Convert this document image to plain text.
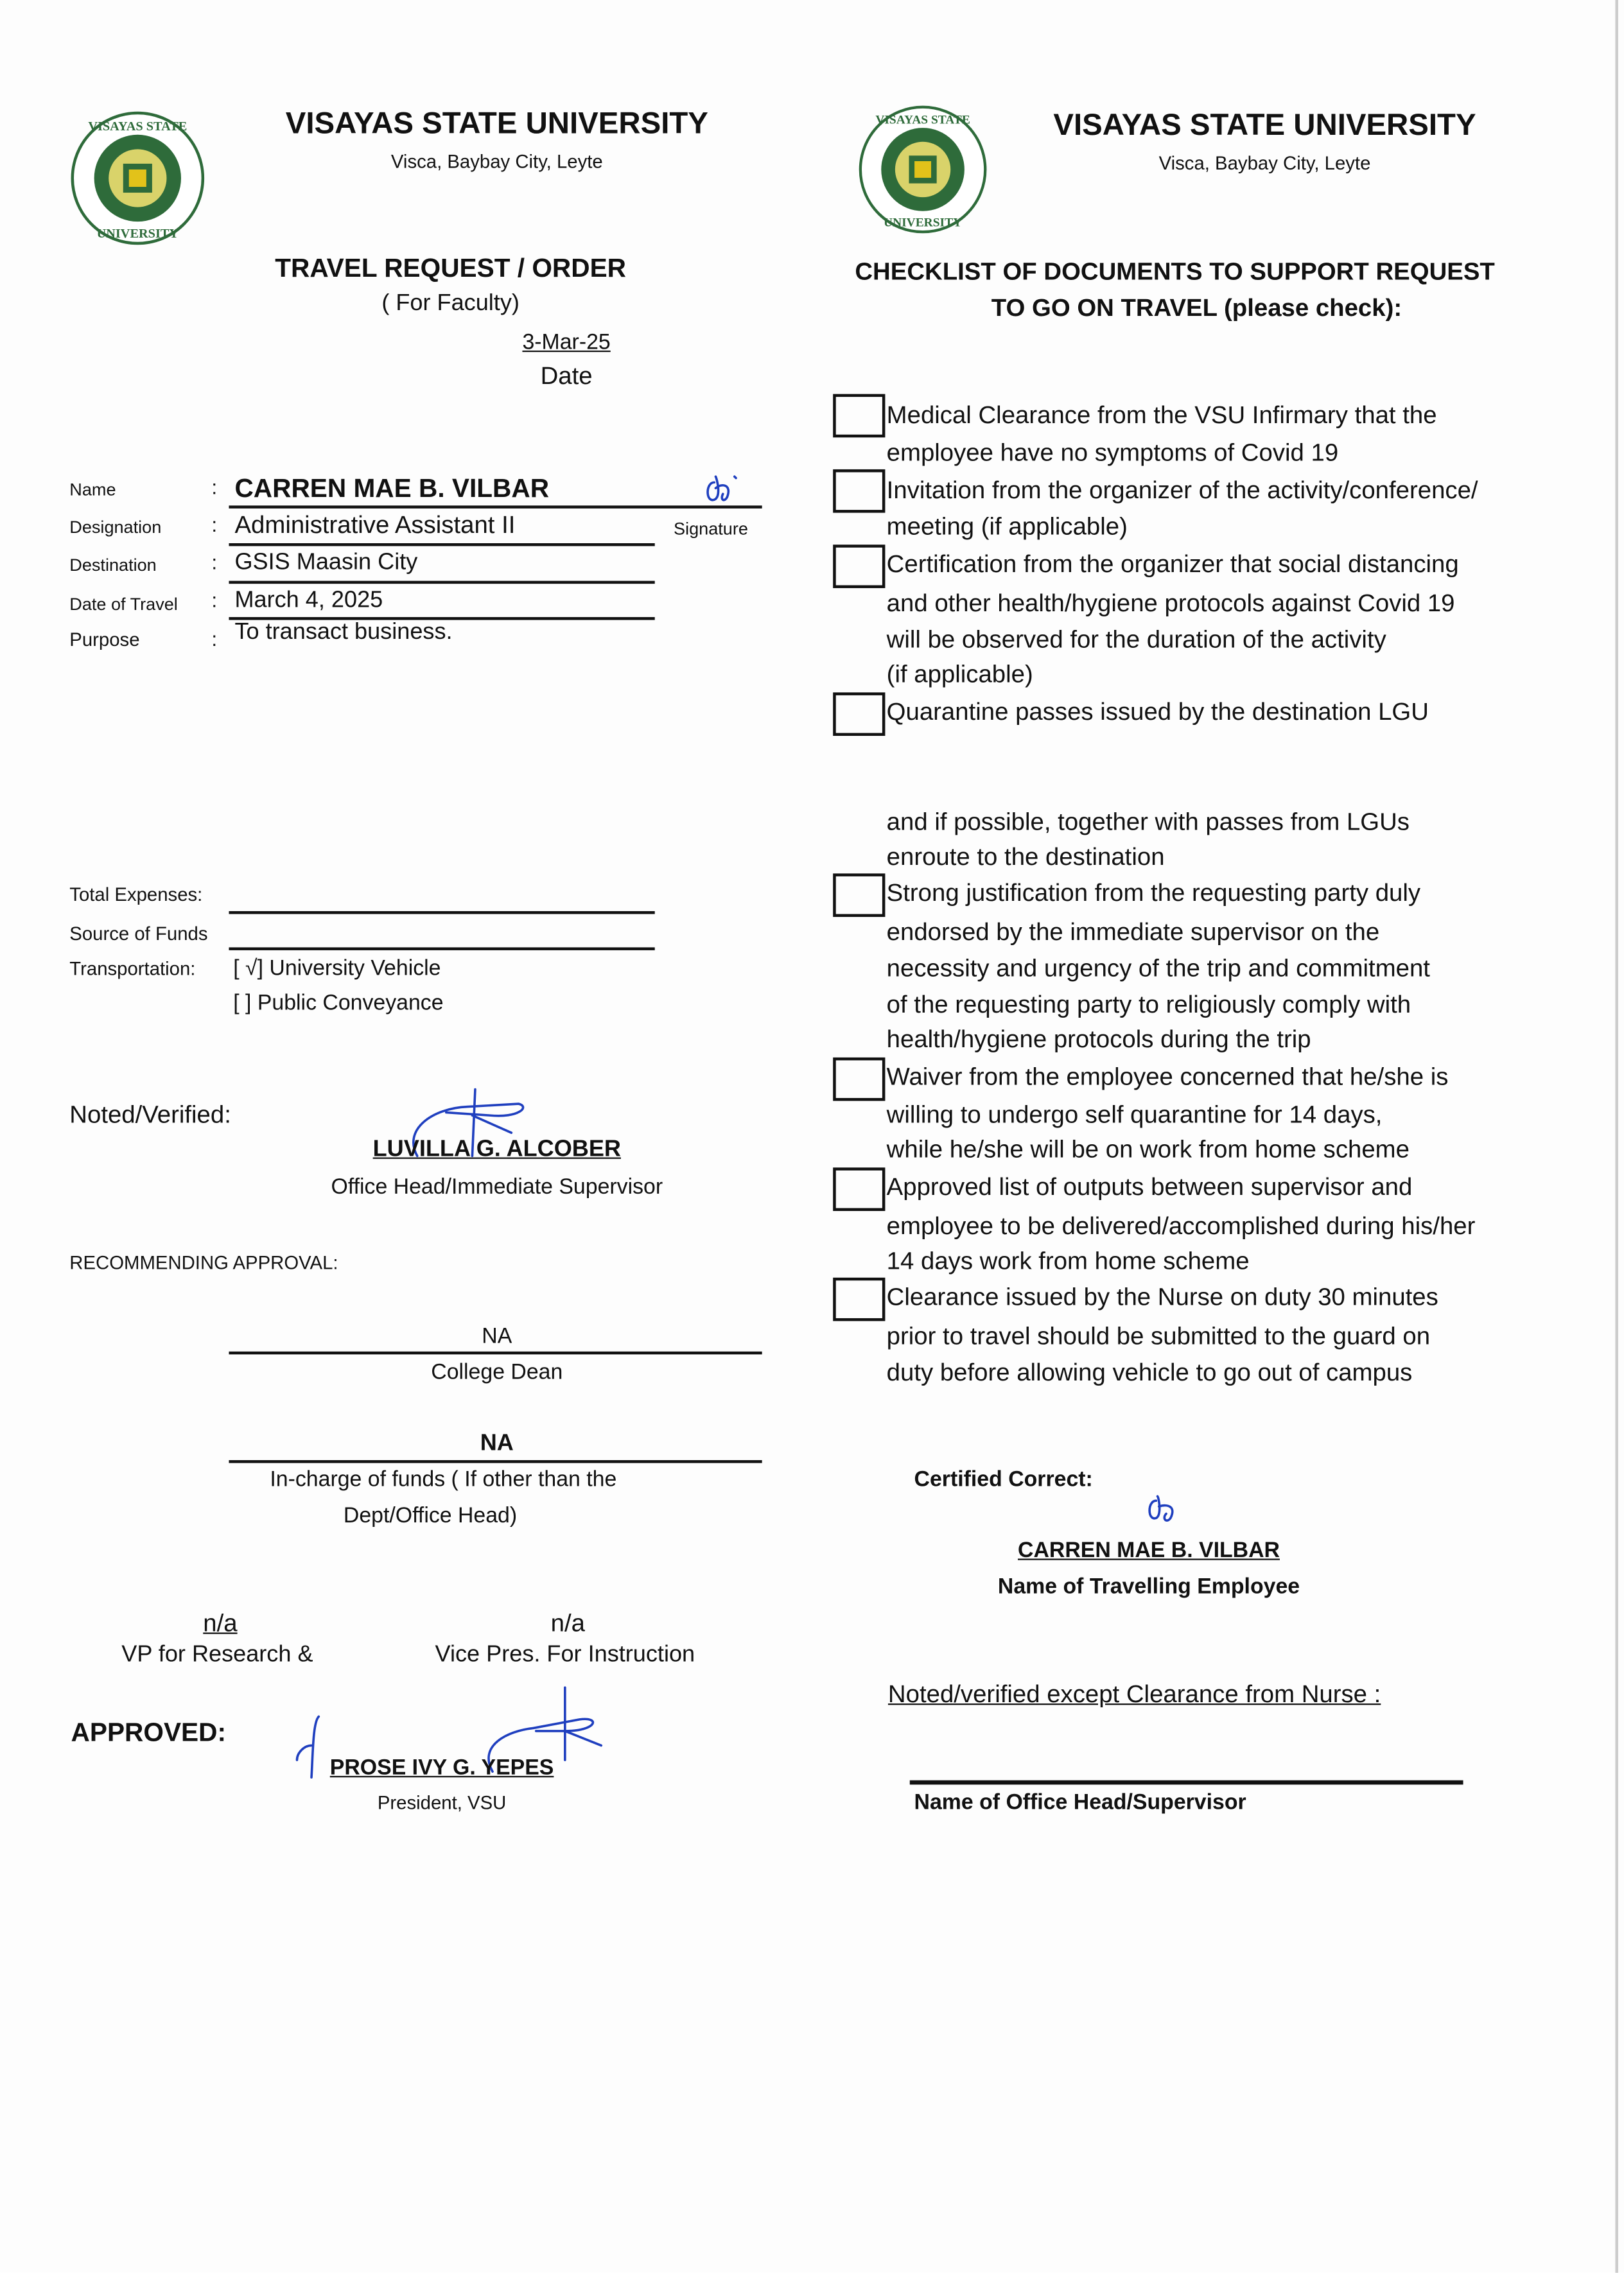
VISAYAS STATE
UNIVERSITY
VISAYAS STATE UNIVERSITY
Visca, Baybay City, Leyte
TRAVEL REQUEST / ORDER
( For Faculty)
3-Mar-25
Date
Name	: CARREN MAE B. VILBAR
Designation	: Administrative Assistant II	Signature
Destination	: GSIS Maasin City
Date of Travel	: March 4, 2025
Purpose	: To transact business.
Total Expenses:
Source of Funds
Transportation:	[ √] University Vehicle
[ ] Public Conveyance
Noted/Verified:
LUVILLA G. ALCOBER
Office Head/Immediate Supervisor
RECOMMENDING APPROVAL:
NA
College Dean
NA
In-charge of funds ( If other than the
Dept/Office Head)
n/a
VP for Research &
n/a
Vice Pres. For Instruction
APPROVED:
PROSE IVY G. YEPES
President, VSU
VISAYAS STATE
UNIVERSITY
VISAYAS STATE UNIVERSITY
Visca, Baybay City, Leyte
CHECKLIST OF DOCUMENTS TO SUPPORT REQUEST
TO GO ON TRAVEL (please check):
Medical Clearance from the VSU Infirmary that the
employee have no symptoms of Covid 19
Invitation from the organizer of the activity/conference/
meeting (if applicable)
Certification from the organizer that social distancing
and other health/hygiene protocols against Covid 19
will be observed for the duration of the activity
(if applicable)
Quarantine passes issued by the destination LGU
and if possible, together with passes from LGUs
enroute to the destination
Strong justification from the requesting party duly
endorsed by the immediate supervisor on the
necessity and urgency of the trip and commitment
of the requesting party to religiously comply with
health/hygiene protocols during the trip
Waiver from the employee concerned that he/she is
willing to undergo self quarantine for 14 days,
while he/she will be on work from home scheme
Approved list of outputs between supervisor and
employee to be delivered/accomplished during his/her
14 days work from home scheme
Clearance issued by the Nurse on duty 30 minutes
prior to travel should be submitted to the guard on
duty before allowing vehicle to go out of campus
Certified Correct:
CARREN MAE B. VILBAR
Name of Travelling Employee
Noted/verified except Clearance from Nurse :
Name of Office Head/Supervisor
